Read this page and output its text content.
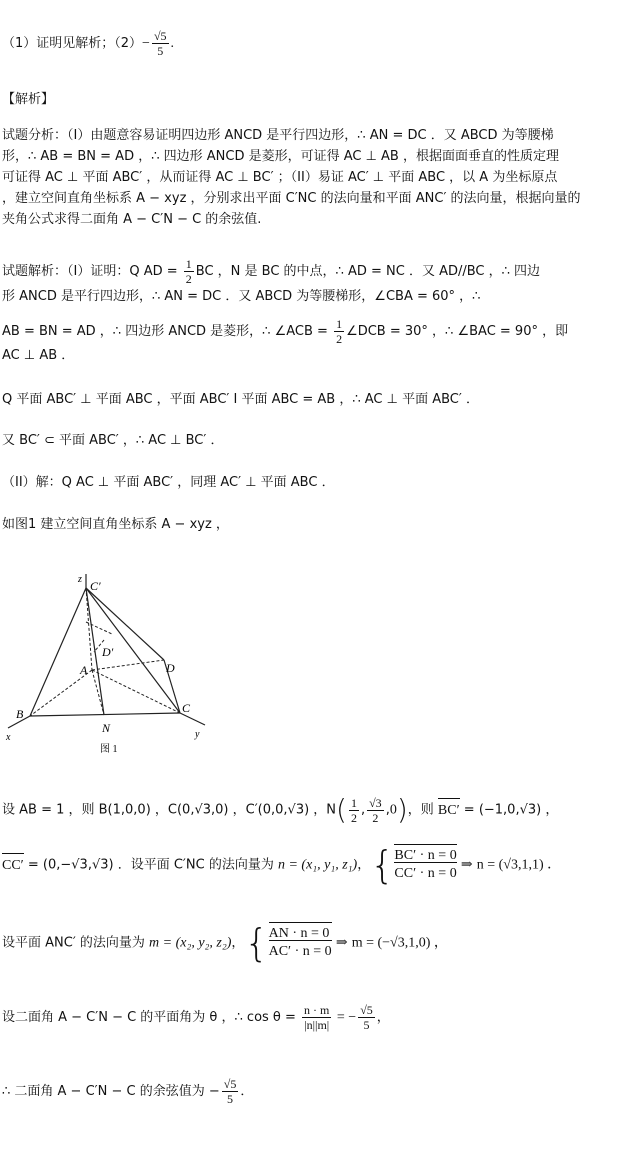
（1）证明见解析；$(2)- \frac{√5}{5}$ .
【解析】
试题分析：（I）由题意容易证明四边形 ANCD 是平行四边形，∴ AN = DC ．又 ABCD 为等腰梯
形，∴ AB = BN = AD ，∴ 四边形 ANCD 是菱形，可证得 AC ⊥ AB ，根据面面垂直的性质定理
可证得 AC ⊥ 平面 ABC′ ，从而证得 AC ⊥ BC′ ；（II）易证 AC′ ⊥ 平面 ABC ，以 A 为坐标原点
，建立空间直角坐标系 A − xyz ，分别求出平面 C′NC 的法向量和平面 ANC′ 的法向量，根据向量的
夹角公式求得二面角 A − C′N − C 的余弦值.
试题解析：（I）证明：Q AD = $\frac{1}{2}$ BC ，N 是 BC 的中点，∴ AD = NC ．又 AD//BC ，∴ 四边
形 ANCD 是平行四边形，∴ AN = DC ．又 ABCD 为等腰梯形，∠CBA = 60° ，∴
AB = BN = AD ，∴ 四边形 ANCD 是菱形，∴ ∠ACB = $\frac{1}{2}$ ∠DCB = 30° ，∴ ∠BAC = 90° ，即
AC ⊥ AB ．
Q 平面 ABC′ ⊥ 平面 ABC ，平面 ABC′ I 平面 ABC = AB ，∴ AC ⊥ 平面 ABC′ ．
又 BC′ ⊂ 平面 ABC′ ，∴ AC ⊥ BC′ ．
（II）解：Q AC ⊥ 平面 ABC′ ，同理 AC′ ⊥ 平面 ABC ．
如图1 建立空间直角坐标系 A − xyz ，
z C′
D′
A	D
B
N
C
x	y
图 1
设 AB = 1 ，则 B(1,0,0) ，C(0,√3,0) ，C′(0,0,√3) ，$N( \frac{1}{2}$ , $\frac{√3}{2} ,0$)，则 BC′ = (−1,0,√3) ，
CC′ = (0,−√3,√3) ．设平面 C′NC 的法向量为 n = (x₁, y₁, z₁)，{ BC′ · n = 0
CC′ · n = 0
⇒ n = (√3,1,1) ．
设平面 ANC′ 的法向量为 m = (x₂, y₂, z₂)，{ AN · n = 0
AC′ · n = 0
⇒ m = (−√3,1,0) ，
设二面角 A − C′N − C 的平面角为 θ ，∴ $\cos \theta = \frac{n \cdot m}{|n||m|}$ = − $\frac{√5}{5}$ ，
∴ 二面角 A − C′N − C 的余弦值为 − $\frac{√5}{5}$ ．
